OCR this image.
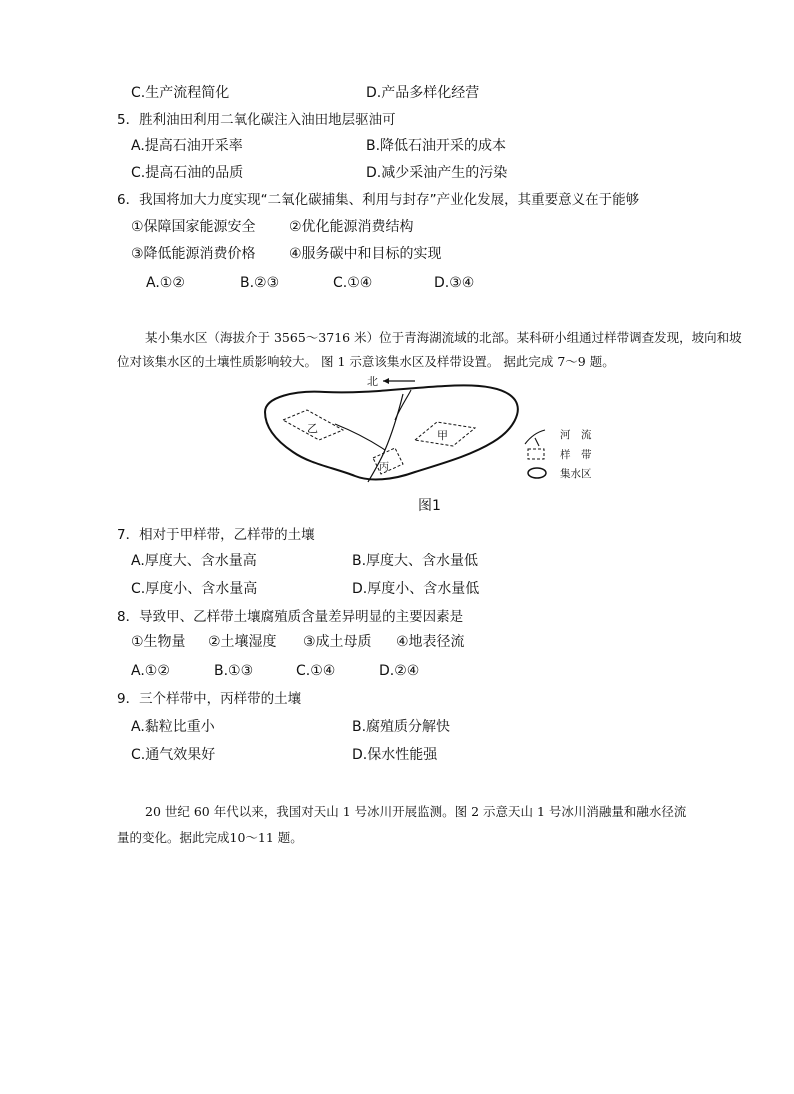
C.生产流程简化	D.产品多样化经营
5．胜利油田利用二氧化碳注入油田地层驱油可
A.提高石油开采率	B.降低石油开采的成本
C.提高石油的品质	D.减少采油产生的污染
6．我国将加大力度实现“二氧化碳捕集、利用与封存”产业化发展，其重要意义在于能够
①保障国家能源安全 ②优化能源消费结构
③降低能源消费价格 ④服务碳中和目标的实现
A.①②	B.②③	C.①④	D.③④
某小集水区（海拔介于 3565～3716 米）位于青海湖流域的北部。某科研小组通过样带调查发现，坡向和坡
位对该集水区的土壤性质影响较大。 图 1 示意该集水区及样带设置。 据此完成 7～9 题。
北
乙
甲
丙
河　流
样　带
集水区
图1
7．相对于甲样带，乙样带的土壤
A.厚度大、含水量高	B.厚度大、含水量低
C.厚度小、含水量高	D.厚度小、含水量低
8．导致甲、乙样带土壤腐殖质含量差异明显的主要因素是
①生物量 ②土壤湿度 ③成土母质 ④地表径流
A.①②	B.①③	C.①④	D.②④
9．三个样带中，丙样带的土壤
A.黏粒比重小	B.腐殖质分解快
C.通气效果好	D.保水性能强
20 世纪 60 年代以来，我国对天山 1 号冰川开展监测。图 2 示意天山 1 号冰川消融量和融水径流
量的变化。据此完成10～11 题。
